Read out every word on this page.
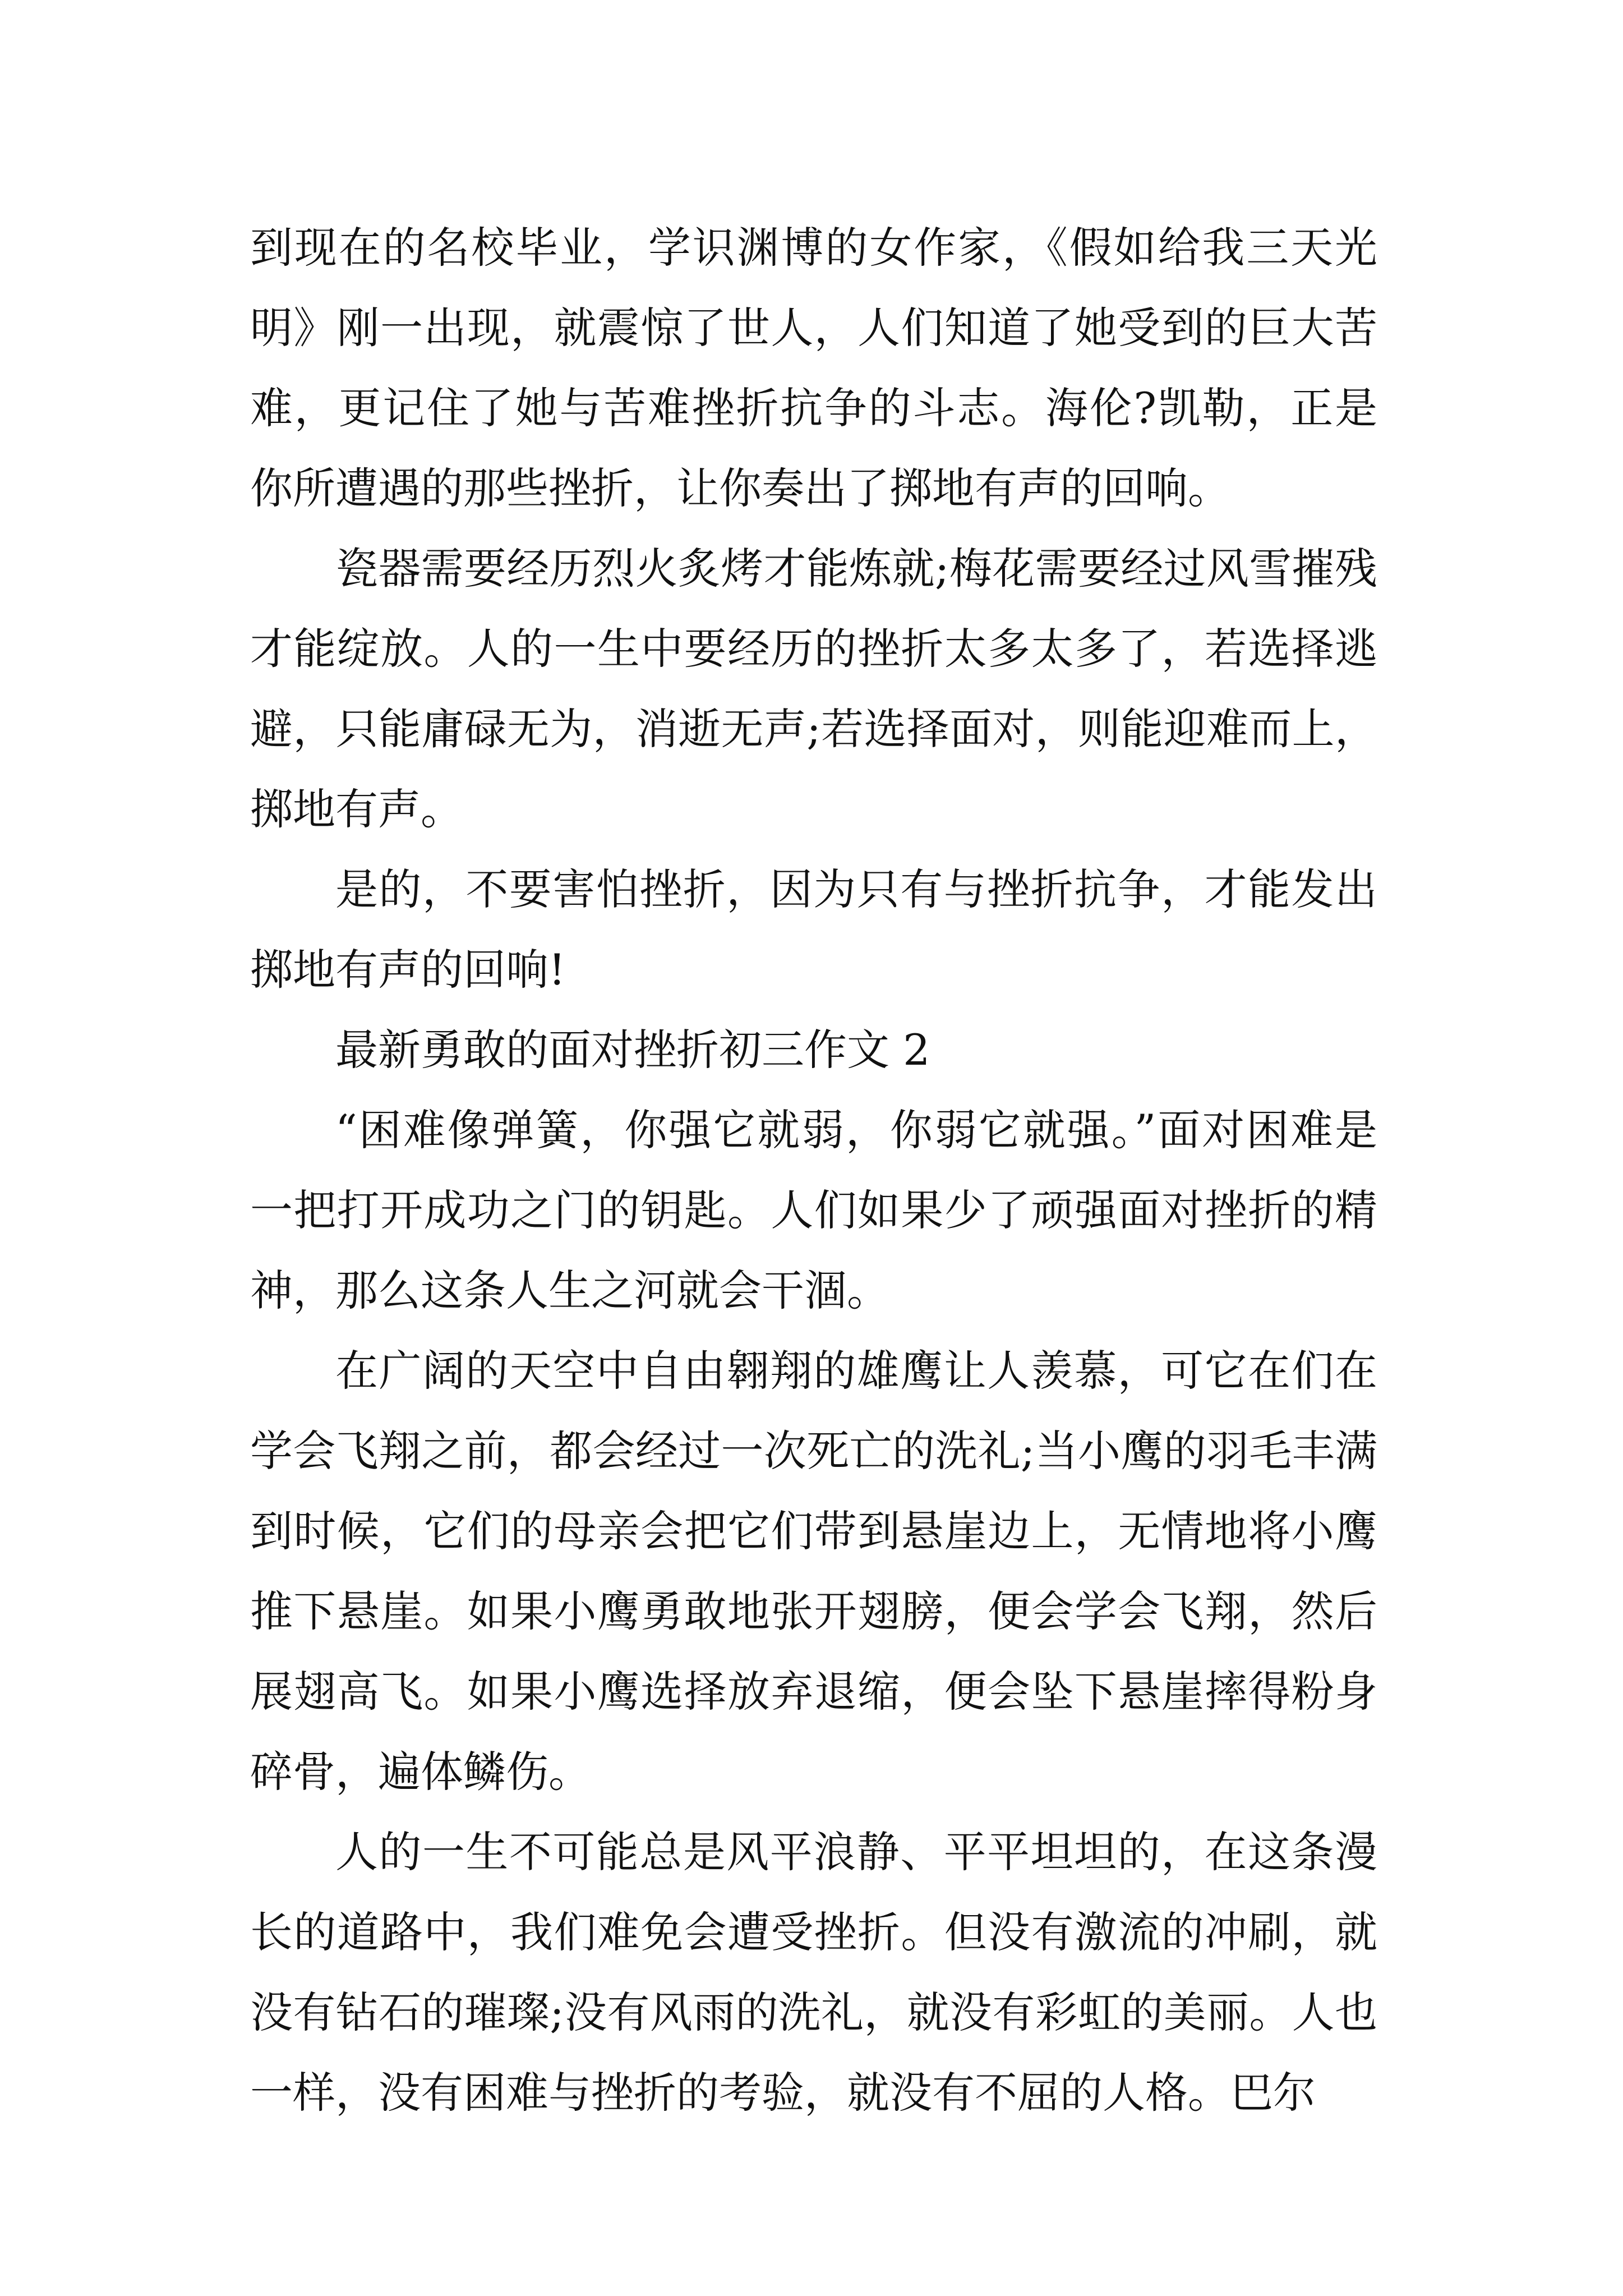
到现在的名校毕业，学识渊博的女作家，《假如给我三天光明》刚一出现，就震惊了世人，人们知道了她受到的巨大苦难，更记住了她与苦难挫折抗争的斗志。海伦?凯勒，正是你所遭遇的那些挫折，让你奏出了掷地有声的回响。

瓷器需要经历烈火炙烤才能炼就;梅花需要经过风雪摧残才能绽放。人的一生中要经历的挫折太多太多了，若选择逃避，只能庸碌无为，消逝无声;若选择面对，则能迎难而上，掷地有声。

是的，不要害怕挫折，因为只有与挫折抗争，才能发出掷地有声的回响!

最新勇敢的面对挫折初三作文 2

“困难像弹簧，你强它就弱，你弱它就强。”面对困难是一把打开成功之门的钥匙。人们如果少了顽强面对挫折的精神，那么这条人生之河就会干涸。

在广阔的天空中自由翱翔的雄鹰让人羡慕，可它在们在学会飞翔之前，都会经过一次死亡的洗礼;当小鹰的羽毛丰满到时候，它们的母亲会把它们带到悬崖边上，无情地将小鹰推下悬崖。如果小鹰勇敢地张开翅膀，便会学会飞翔，然后展翅高飞。如果小鹰选择放弃退缩，便会坠下悬崖摔得粉身碎骨，遍体鳞伤。

人的一生不可能总是风平浪静、平平坦坦的，在这条漫长的道路中，我们难免会遭受挫折。但没有激流的冲刷，就没有钻石的璀璨;没有风雨的洗礼，就没有彩虹的美丽。人也一样，没有困难与挫折的考验，就没有不屈的人格。巴尔
